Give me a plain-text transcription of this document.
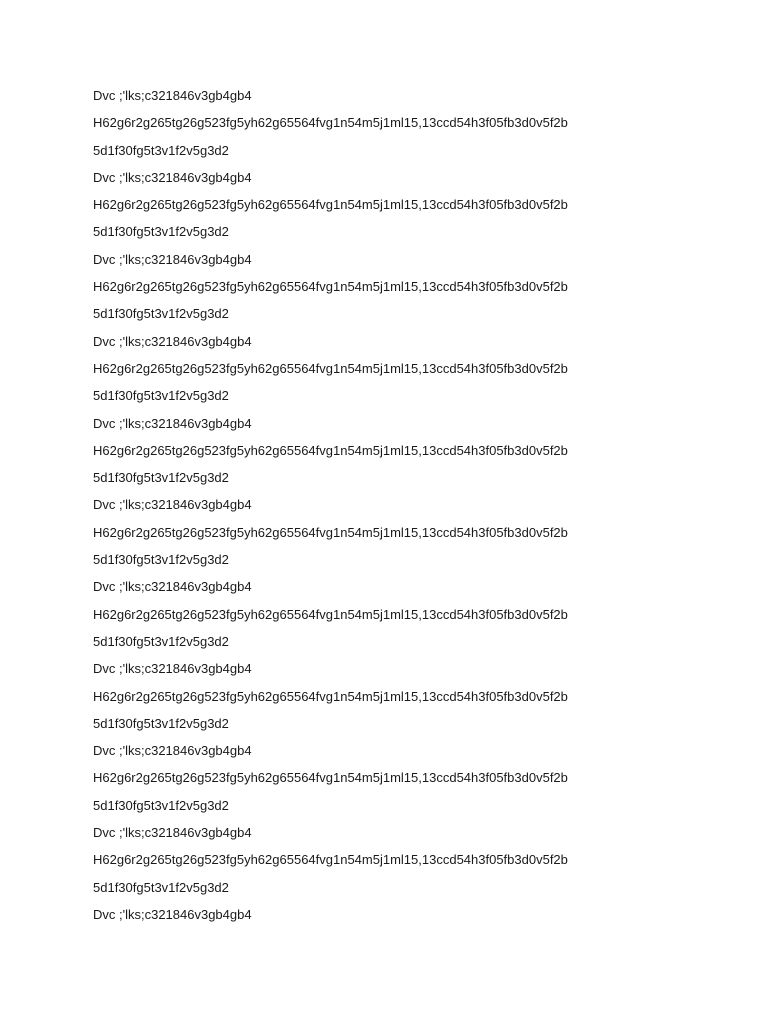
Dvc ;'lks;c321846v3gb4gb4
H62g6r2g265tg26g523fg5yh62g65564fvg1n54m5j1ml15,13ccd54h3f05fb3d0v5f2b
5d1f30fg5t3v1f2v5g3d2
Dvc ;'lks;c321846v3gb4gb4
H62g6r2g265tg26g523fg5yh62g65564fvg1n54m5j1ml15,13ccd54h3f05fb3d0v5f2b
5d1f30fg5t3v1f2v5g3d2
Dvc ;'lks;c321846v3gb4gb4
H62g6r2g265tg26g523fg5yh62g65564fvg1n54m5j1ml15,13ccd54h3f05fb3d0v5f2b
5d1f30fg5t3v1f2v5g3d2
Dvc ;'lks;c321846v3gb4gb4
H62g6r2g265tg26g523fg5yh62g65564fvg1n54m5j1ml15,13ccd54h3f05fb3d0v5f2b
5d1f30fg5t3v1f2v5g3d2
Dvc ;'lks;c321846v3gb4gb4
H62g6r2g265tg26g523fg5yh62g65564fvg1n54m5j1ml15,13ccd54h3f05fb3d0v5f2b
5d1f30fg5t3v1f2v5g3d2
Dvc ;'lks;c321846v3gb4gb4
H62g6r2g265tg26g523fg5yh62g65564fvg1n54m5j1ml15,13ccd54h3f05fb3d0v5f2b
5d1f30fg5t3v1f2v5g3d2
Dvc ;'lks;c321846v3gb4gb4
H62g6r2g265tg26g523fg5yh62g65564fvg1n54m5j1ml15,13ccd54h3f05fb3d0v5f2b
5d1f30fg5t3v1f2v5g3d2
Dvc ;'lks;c321846v3gb4gb4
H62g6r2g265tg26g523fg5yh62g65564fvg1n54m5j1ml15,13ccd54h3f05fb3d0v5f2b
5d1f30fg5t3v1f2v5g3d2
Dvc ;'lks;c321846v3gb4gb4
H62g6r2g265tg26g523fg5yh62g65564fvg1n54m5j1ml15,13ccd54h3f05fb3d0v5f2b
5d1f30fg5t3v1f2v5g3d2
Dvc ;'lks;c321846v3gb4gb4
H62g6r2g265tg26g523fg5yh62g65564fvg1n54m5j1ml15,13ccd54h3f05fb3d0v5f2b
5d1f30fg5t3v1f2v5g3d2
Dvc ;'lks;c321846v3gb4gb4
